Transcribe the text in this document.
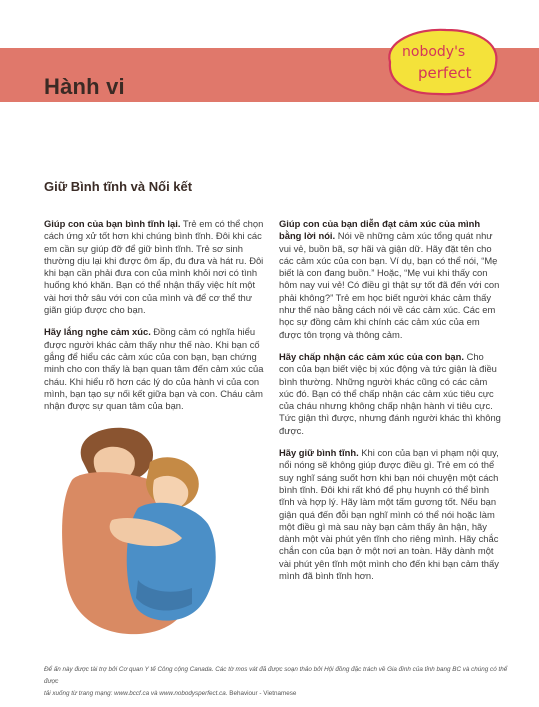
Hành vi
nobody's
perfect
Giữ Bình tĩnh và Nối kết

Giúp con của bạn bình tĩnh lại. Trẻ em có thể chọn cách ứng xử tốt hơn khi chúng bình tĩnh. Đôi khi các em cần sự giúp đỡ để giữ bình tĩnh. Trẻ sơ sinh thường dịu lại khi được ôm ấp, đu đưa và hát ru. Đôi khi bạn cần phải đưa con của mình khỏi nơi có tình huống khó khăn. Bạn có thể nhận thấy việc hít một vài hơi thở sâu với con của mình và để cơ thể thư giãn giúp được cho bạn.

Hãy lắng nghe cảm xúc. Đồng cảm có nghĩa hiểu được người khác cảm thấy như thế nào. Khi bạn cố gắng để hiểu các cảm xúc của con bạn, bạn chứng minh cho con thấy là bạn quan tâm đến cảm xúc của cháu. Khi hiểu rõ hơn các lý do của hành vi của con mình, bạn tạo sự nối kết giữa bạn và con. Cháu cảm nhận được sự quan tâm của bạn.

Giúp con của bạn diễn đạt cảm xúc của mình bằng lời nói. Nói về những cảm xúc tổng quát như vui vẻ, buồn bã, sợ hãi và giận dữ. Hãy đặt tên cho các cảm xúc của con bạn. Ví dụ, bạn có thể nói, “Mẹ biết là con đang buồn.” Hoặc, “Mẹ vui khi thấy con hôm nay vui vẻ! Có điều gì thật sự tốt đã đến với con phải không?” Trẻ em học biết người khác cảm thấy như thế nào bằng cách nói về các cảm xúc. Các em học sự đồng cảm khi chính các cảm xúc của em được tôn trọng và thông cảm.

Hãy chấp nhận các cảm xúc của con bạn. Cho con của bạn biết việc bị xúc động và tức giận là điều bình thường. Những người khác cũng có các cảm xúc đó. Bạn có thể chấp nhận các cảm xúc tiêu cực của cháu nhưng không chấp nhận hành vi tiêu cực. Tức giận thì được, nhưng đánh người khác thì không được.

Hãy giữ bình tĩnh. Khi con của bạn vi phạm nội quy, nổi nóng sẽ không giúp được điều gì. Trẻ em có thể suy nghĩ sáng suốt hơn khi bạn nói chuyện một cách bình tĩnh. Đôi khi rất khó để phụ huynh có thể bình tĩnh và hợp lý. Hãy làm một tấm gương tốt. Nếu bạn giận quá đến đỗi bạn nghĩ mình có thể nói hoặc làm một điều gì mà sau này bạn cảm thấy ân hận, hãy dành một vài phút yên tĩnh cho riêng mình. Hãy chắc chắn con của bạn ở một nơi an toàn. Hãy dành một vài phút yên tĩnh một mình cho đến khi bạn cảm thấy mình đã bình tĩnh hơn.

Để ấn này được tài trợ bởi Cơ quan Y tế Công cộng Canada. Các tờ mos vát đã được soạn thảo bởi Hội đồng đặc trách về Gia đình của tỉnh bang BC và chúng có thể được
tải xuống từ trang mạng: www.bccf.ca và www.nobodysperfect.ca. Behaviour - Vietnamese
